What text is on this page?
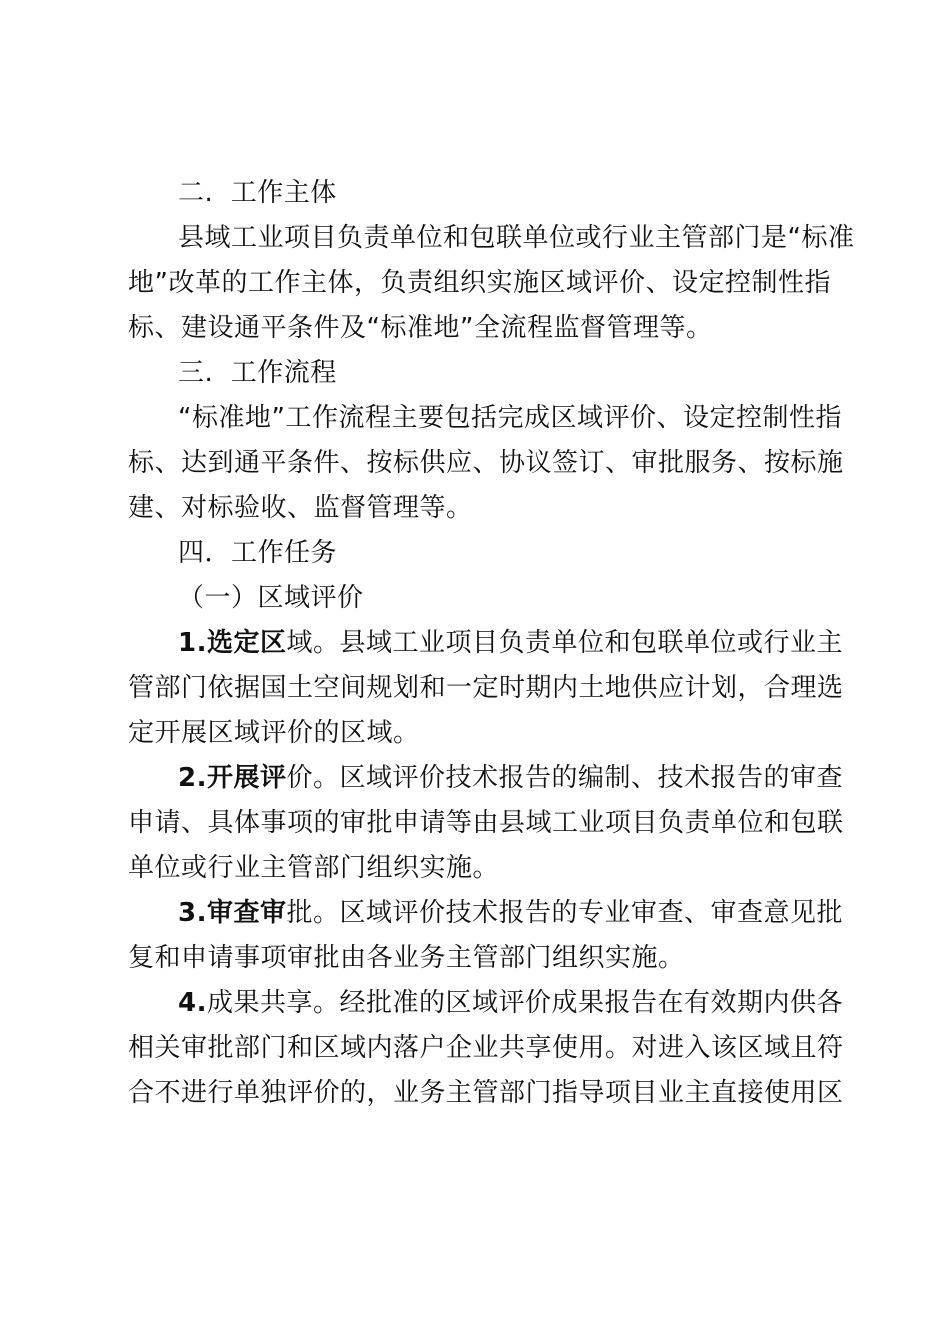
二. 工作主体
县域工业项目负责单位和包联单位或行业主管部门是“标准
地”改革的工作主体，负责组织实施区域评价、设定控制性指
标、建设通平条件及“标准地”全流程监督管理等。
三. 工作流程
“标准地”工作流程主要包括完成区域评价、设定控制性指
标、达到通平条件、按标供应、协议签订、审批服务、按标施
建、对标验收、监督管理等。
四．工作任务
（一）区域评价
1.选定区域。县域工业项目负责单位和包联单位或行业主
管部门依据国土空间规划和一定时期内土地供应计划，合理选
定开展区域评价的区域。
2.开展评价。区域评价技术报告的编制、技术报告的审查
申请、具体事项的审批申请等由县域工业项目负责单位和包联
单位或行业主管部门组织实施。
3.审查审批。区域评价技术报告的专业审查、审查意见批
复和申请事项审批由各业务主管部门组织实施。
4.成果共享。经批准的区域评价成果报告在有效期内供各
相关审批部门和区域内落户企业共享使用。对进入该区域且符
合不进行单独评价的，业务主管部门指导项目业主直接使用区
